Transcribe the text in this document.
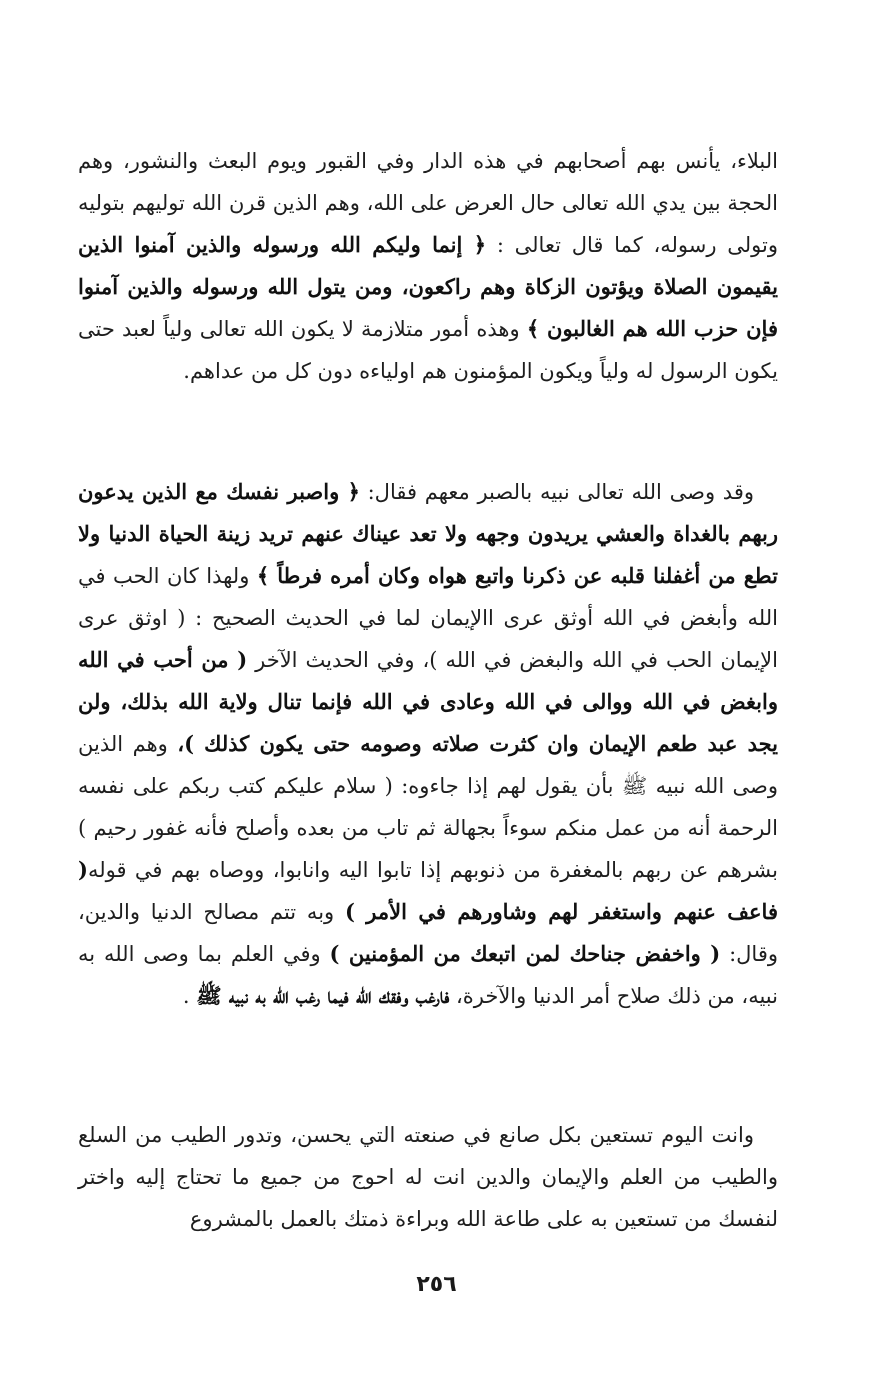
البلاء، يأنس بهم أصحابهم في هذه الدار وفي القبور ويوم البعث والنشور، وهم الحجة بين يدي الله تعالى حال العرض على الله، وهم الذين قرن الله توليهم بتوليه وتولى رسوله، كما قال تعالى : ﴿ إنما وليكم الله ورسوله والذين آمنوا الذين يقيمون الصلاة ويؤتون الزكاة وهم راكعون، ومن يتول الله ورسوله والذين آمنوا فإن حزب الله هم الغالبون ﴾ وهذه أمور متلازمة لا يكون الله تعالى ولياً لعبد حتى يكون الرسول له ولياً ويكون المؤمنون هم اولياءه دون كل من عداهم.

وقد وصى الله تعالى نبيه بالصبر معهم فقال: ﴿ واصبر نفسك مع الذين يدعون ربهم بالغداة والعشي يريدون وجهه ولا تعد عيناك عنهم تريد زينة الحياة الدنيا ولا تطع من أغفلنا قلبه عن ذكرنا واتبع هواه وكان أمره فرطاً ﴾ ولهذا كان الحب في الله وأبغض في الله أوثق عرى االإيمان لما في الحديث الصحيح : ( اوثق عرى الإيمان الحب في الله والبغض في الله )، وفي الحديث الآخر ( من أحب في الله وابغض في الله ووالى في الله وعادى في الله فإنما تنال ولاية الله بذلك، ولن يجد عبد طعم الإيمان وان كثرت صلاته وصومه حتى يكون كذلك )، وهم الذين وصى الله نبيه ﷺ بأن يقول لهم إذا جاءوه: ( سلام عليكم كتب ربكم على نفسه الرحمة أنه من عمل منكم سوءاً بجهالة ثم تاب من بعده وأصلح فأنه غفور رحيم ) بشرهم عن ربهم بالمغفرة من ذنوبهم إذا تابوا اليه وانابوا، ووصاه بهم في قوله( فاعف عنهم واستغفر لهم وشاورهم في الأمر ) وبه تتم مصالح الدنيا والدين، وقال: ( واخفض جناحك لمن اتبعك من المؤمنين ) وفي العلم بما وصى الله به نبيه، من ذلك صلاح أمر الدنيا والآخرة، فارغب وفقك الله فيما رغب الله به نبيه ﷺ .

وانت اليوم تستعين بكل صانع في صنعته التي يحسن، وتدور الطيب من السلع والطيب من العلم والإيمان والدين انت له احوج من جميع ما تحتاج إليه واختر لنفسك من تستعين به على طاعة الله وبراءة ذمتك بالعمل بالمشروع

٢٥٦
